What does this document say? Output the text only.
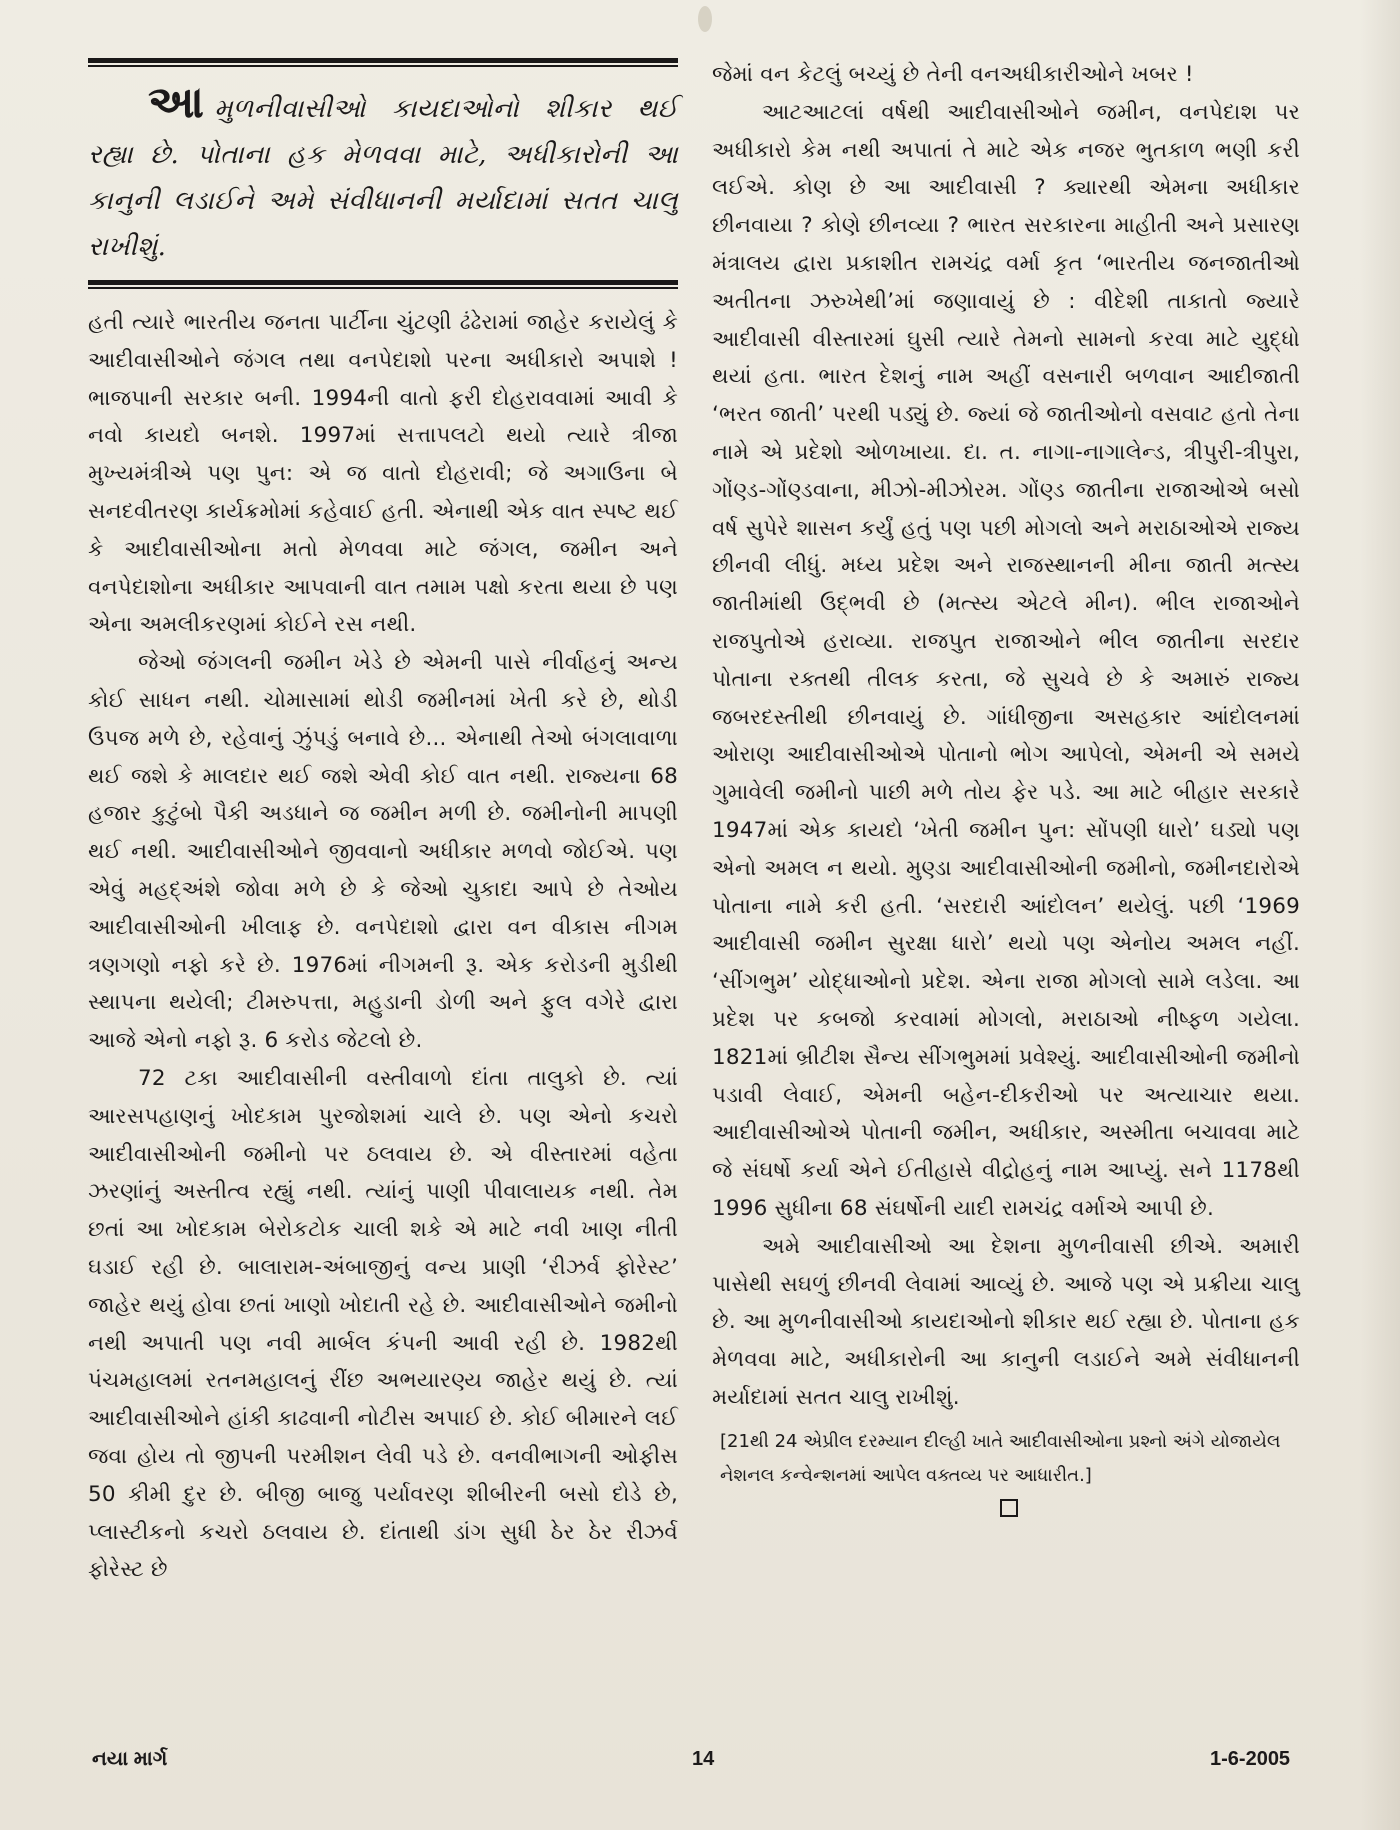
આમુળનીવાસીઓ કાયદાઓનો શીકાર થઈ રહ્યા છે. પોતાના હક મેળવવા માટે, અધીકારોની આ કાનુની લડાઈને અમે સંવીધાનની મર્યાદામાં સતત ચાલુ રાખીશું.

હતી ત્યારે ભારતીય જનતા પાર્ટીના ચુંટણી ઢંઢેરામાં જાહેર કરાયેલું કે આદીવાસીઓને જંગલ તથા વનપેદાશો પરના અધીકારો અપાશે ! ભાજપાની સરકાર બની. 1994ની વાતો ફરી દોહરાવવામાં આવી કે નવો કાયદો બનશે. 1997માં સત્તાપલટો થયો ત્યારે ત્રીજા મુખ્યમંત્રીએ પણ પુન: એ જ વાતો દોહરાવી; જે અગાઉના બે સનદવીતરણ કાર્યક્રમોમાં કહેવાઈ હતી. એનાથી એક વાત સ્પષ્ટ થઈ કે આદીવાસીઓના મતો મેળવવા માટે જંગલ, જમીન અને વનપેદાશોના અધીકાર આપવાની વાત તમામ પક્ષો કરતા થયા છે પણ એના અમલીકરણમાં કોઈને રસ નથી.

જેઓ જંગલની જમીન ખેડે છે એમની પાસે નીર્વાહનું અન્ય કોઈ સાધન નથી. ચોમાસામાં થોડી જમીનમાં ખેતી કરે છે, થોડી ઉપજ મળે છે, રહેવાનું ઝુંપડું બનાવે છે... એનાથી તેઓ બંગલાવાળા થઈ જશે કે માલદાર થઈ જશે એવી કોઈ વાત નથી. રાજ્યના 68 હજાર કુટુંબો પૈકી અડધાને જ જમીન મળી છે. જમીનોની માપણી થઈ નથી. આદીવાસીઓને જીવવાનો અધીકાર મળવો જોઈએ. પણ એવું મહદ્અંશે જોવા મળે છે કે જેઓ ચુકાદા આપે છે તેઓય આદીવાસીઓની ખીલાફ છે. વનપેદાશો દ્વારા વન વીકાસ નીગમ ત્રણગણો નફો કરે છે. 1976માં નીગમની રૂ. એક કરોડની મુડીથી સ્થાપના થયેલી; ટીમરુપત્તા, મહુડાની ડોળી અને ફુલ વગેરે દ્વારા આજે એનો નફો રૂ. 6 કરોડ જેટલો છે.

72 ટકા આદીવાસીની વસ્તીવાળો દાંતા તાલુકો છે. ત્યાં આરસપહાણનું ખોદકામ પુરજોશમાં ચાલે છે. પણ એનો કચરો આદીવાસીઓની જમીનો પર ઠલવાય છે. એ વીસ્તારમાં વહેતા ઝરણાંનું અસ્તીત્વ રહ્યું નથી. ત્યાંનું પાણી પીવાલાયક નથી. તેમ છતાં આ ખોદકામ બેરોકટોક ચાલી શકે એ માટે નવી ખાણ નીતી ઘડાઈ રહી છે. બાલારામ-અંબાજીનું વન્ય પ્રાણી ‘રીઝર્વ ફોરેસ્ટ’ જાહેર થયું હોવા છતાં ખાણો ખોદાતી રહે છે. આદીવાસીઓને જમીનો નથી અપાતી પણ નવી માર્બલ કંપની આવી રહી છે. 1982થી પંચમહાલમાં રતનમહાલનું રીંછ અભયારણ્ય જાહેર થયું છે. ત્યાં આદીવાસીઓને હાંકી કાઢવાની નોટીસ અપાઈ છે. કોઈ બીમારને લઈ જવા હોય તો જીપની પરમીશન લેવી પડે છે. વનવીભાગની ઓફીસ 50 કીમી દુર છે. બીજી બાજુ પર્યાવરણ શીબીરની બસો દોડે છે, પ્લાસ્ટીકનો કચરો ઠલવાય છે. દાંતાથી ડાંગ સુધી ઠેર ઠેર રીઝર્વ ફોરેસ્ટ છે

જેમાં વન કેટલું બચ્યું છે તેની વનઅધીકારીઓને ખબર !

આટઆટલાં વર્ષથી આદીવાસીઓને જમીન, વનપેદાશ પર અધીકારો કેમ નથી અપાતાં તે માટે એક નજર ભુતકાળ ભણી કરી લઈએ. કોણ છે આ આદીવાસી ? ક્યારથી એમના અધીકાર છીનવાયા ? કોણે છીનવ્યા ? ભારત સરકારના માહીતી અને પ્રસારણ મંત્રાલય દ્વારા પ્રકાશીત રામચંદ્ર વર્મા કૃત ‘ભારતીય જનજાતીઓ અતીતના ઝરુખેથી’માં જણાવાયું છે : વીદેશી તાકાતો જ્યારે આદીવાસી વીસ્તારમાં ઘુસી ત્યારે તેમનો સામનો કરવા માટે યુદ્ધો થયાં હતા. ભારત દેશનું નામ અહીં વસનારી બળવાન આદીજાતી ‘ભરત જાતી’ પરથી પડ્યું છે. જ્યાં જે જાતીઓનો વસવાટ હતો તેના નામે એ પ્રદેશો ઓળખાયા. દા. ત. નાગા-નાગાલેન્ડ, ત્રીપુરી-ત્રીપુરા, ગોંણ્ડ-ગોંણ્ડવાના, મીઝો-મીઝોરમ. ગોંણ્ડ જાતીના રાજાઓએ બસો વર્ષ સુપેરે શાસન કર્યું હતું પણ પછી મોગલો અને મરાઠાઓએ રાજ્ય છીનવી લીધું. મધ્ય પ્રદેશ અને રાજસ્થાનની મીના જાતી મત્સ્ય જાતીમાંથી ઉદ્ભવી છે (મત્સ્ય એટલે મીન). ભીલ રાજાઓને રાજપુતોએ હરાવ્યા. રાજપુત રાજાઓને ભીલ જાતીના સરદાર પોતાના રક્તથી તીલક કરતા, જે સુચવે છે કે અમારું રાજ્ય જબરદસ્તીથી છીનવાયું છે. ગાંધીજીના અસહકાર આંદોલનમાં ઓરાણ આદીવાસીઓએ પોતાનો ભોગ આપેલો, એમની એ સમયે ગુમાવેલી જમીનો પાછી મળે તોય ફેર પડે. આ માટે બીહાર સરકારે 1947માં એક કાયદો ‘ખેતી જમીન પુન: સોંપણી ધારો’ ઘડ્યો પણ એનો અમલ ન થયો. મુણ્ડા આદીવાસીઓની જમીનો, જમીનદારોએ પોતાના નામે કરી હતી. ‘સરદારી આંદોલન’ થયેલું. પછી ‘1969 આદીવાસી જમીન સુરક્ષા ધારો’ થયો પણ એનોય અમલ નહીં. ‘સીંગભુમ’ યોદ્ધાઓનો પ્રદેશ. એના રાજા મોગલો સામે લડેલા. આ પ્રદેશ પર કબજો કરવામાં મોગલો, મરાઠાઓ નીષ્ફળ ગયેલા. 1821માં બ્રીટીશ સૈન્ય સીંગભુમમાં પ્રવેશ્યું. આદીવાસીઓની જમીનો પડાવી લેવાઈ, એમની બહેન-દીકરીઓ પર અત્યાચાર થયા. આદીવાસીઓએ પોતાની જમીન, અધીકાર, અસ્મીતા બચાવવા માટે જે સંઘર્ષો કર્યા એને ઈતીહાસે વીદ્રોહનું નામ આપ્યું. સને 1178થી 1996 સુધીના 68 સંઘર્ષોની યાદી રામચંદ્ર વર્માએ આપી છે.

અમે આદીવાસીઓ આ દેશના મુળનીવાસી છીએ. અમારી પાસેથી સઘળું છીનવી લેવામાં આવ્યું છે. આજે પણ એ પ્રક્રીયા ચાલુ છે. આ મુળનીવાસીઓ કાયદાઓનો શીકાર થઈ રહ્યા છે. પોતાના હક મેળવવા માટે, અધીકારોની આ કાનુની લડાઈને અમે સંવીધાનની મર્યાદામાં સતત ચાલુ રાખીશું.

[21થી 24 એપ્રીલ દરમ્યાન દીલ્હી ખાતે આદીવાસીઓના પ્રશ્નો અંગે યોજાયેલ નેશનલ કન્વેન્શનમાં આપેલ વક્તવ્ય પર આધારીત.]

નયા માર્ગ	14	1-6-2005
